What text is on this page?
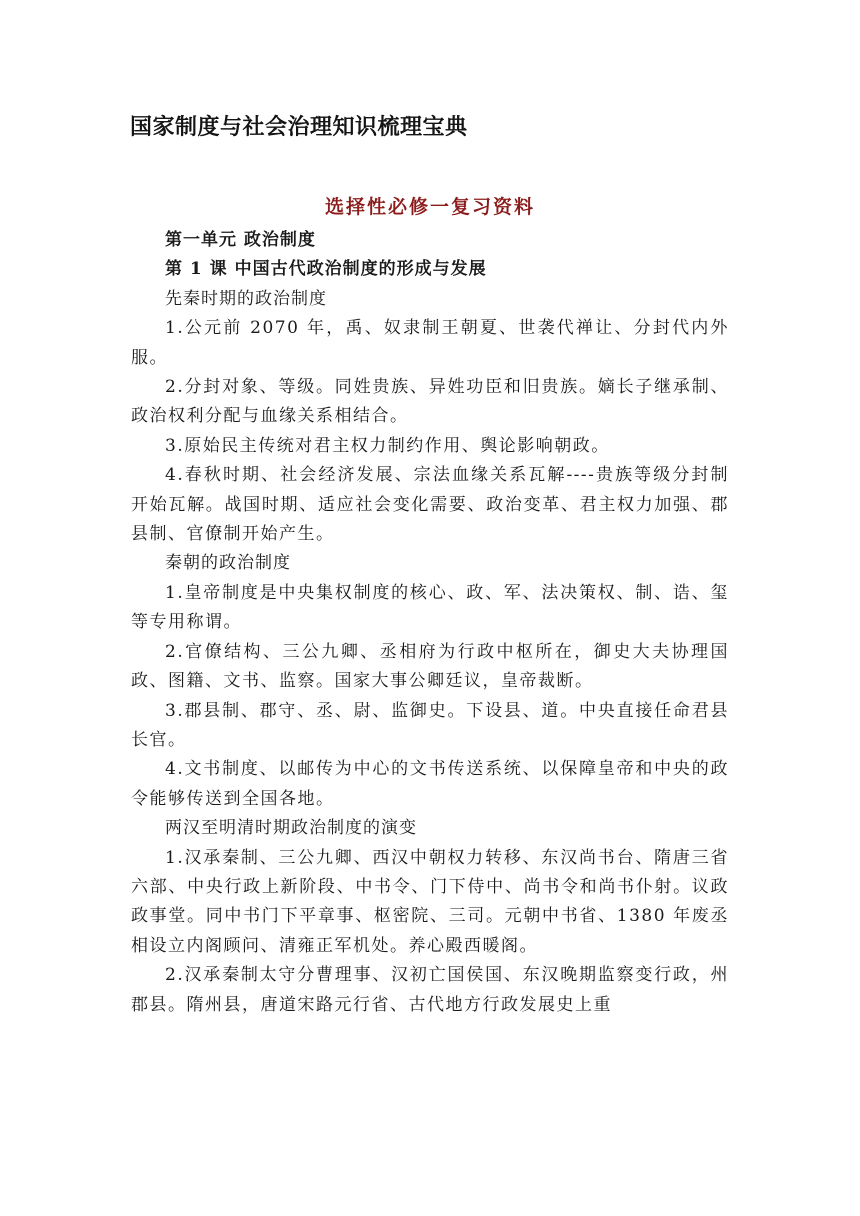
国家制度与社会治理知识梳理宝典
选择性必修一复习资料
第一单元 政治制度
第 1 课 中国古代政治制度的形成与发展
先秦时期的政治制度

1.公元前 2070 年，禹、奴隶制王朝夏、世袭代禅让、分封代内外服。

2.分封对象、等级。同姓贵族、异姓功臣和旧贵族。嫡长子继承制、政治权利分配与血缘关系相结合。

3.原始民主传统对君主权力制约作用、舆论影响朝政。

4.春秋时期、社会经济发展、宗法血缘关系瓦解----贵族等级分封制开始瓦解。战国时期、适应社会变化需要、政治变革、君主权力加强、郡县制、官僚制开始产生。

秦朝的政治制度

1.皇帝制度是中央集权制度的核心、政、军、法决策权、制、诰、玺等专用称谓。

2.官僚结构、三公九卿、丞相府为行政中枢所在，御史大夫协理国政、图籍、文书、监察。国家大事公卿廷议，皇帝裁断。

3.郡县制、郡守、丞、尉、监御史。下设县、道。中央直接任命君县长官。

4.文书制度、以邮传为中心的文书传送系统、以保障皇帝和中央的政令能够传送到全国各地。

两汉至明清时期政治制度的演变

1.汉承秦制、三公九卿、西汉中朝权力转移、东汉尚书台、隋唐三省六部、中央行政上新阶段、中书令、门下侍中、尚书令和尚书仆射。议政政事堂。同中书门下平章事、枢密院、三司。元朝中书省、1380 年废丞相设立内阁顾问、清雍正军机处。养心殿西暖阁。

2.汉承秦制太守分曹理事、汉初亡国侯国、东汉晚期监察变行政，州郡县。隋州县，唐道宋路元行省、古代地方行政发展史上重
